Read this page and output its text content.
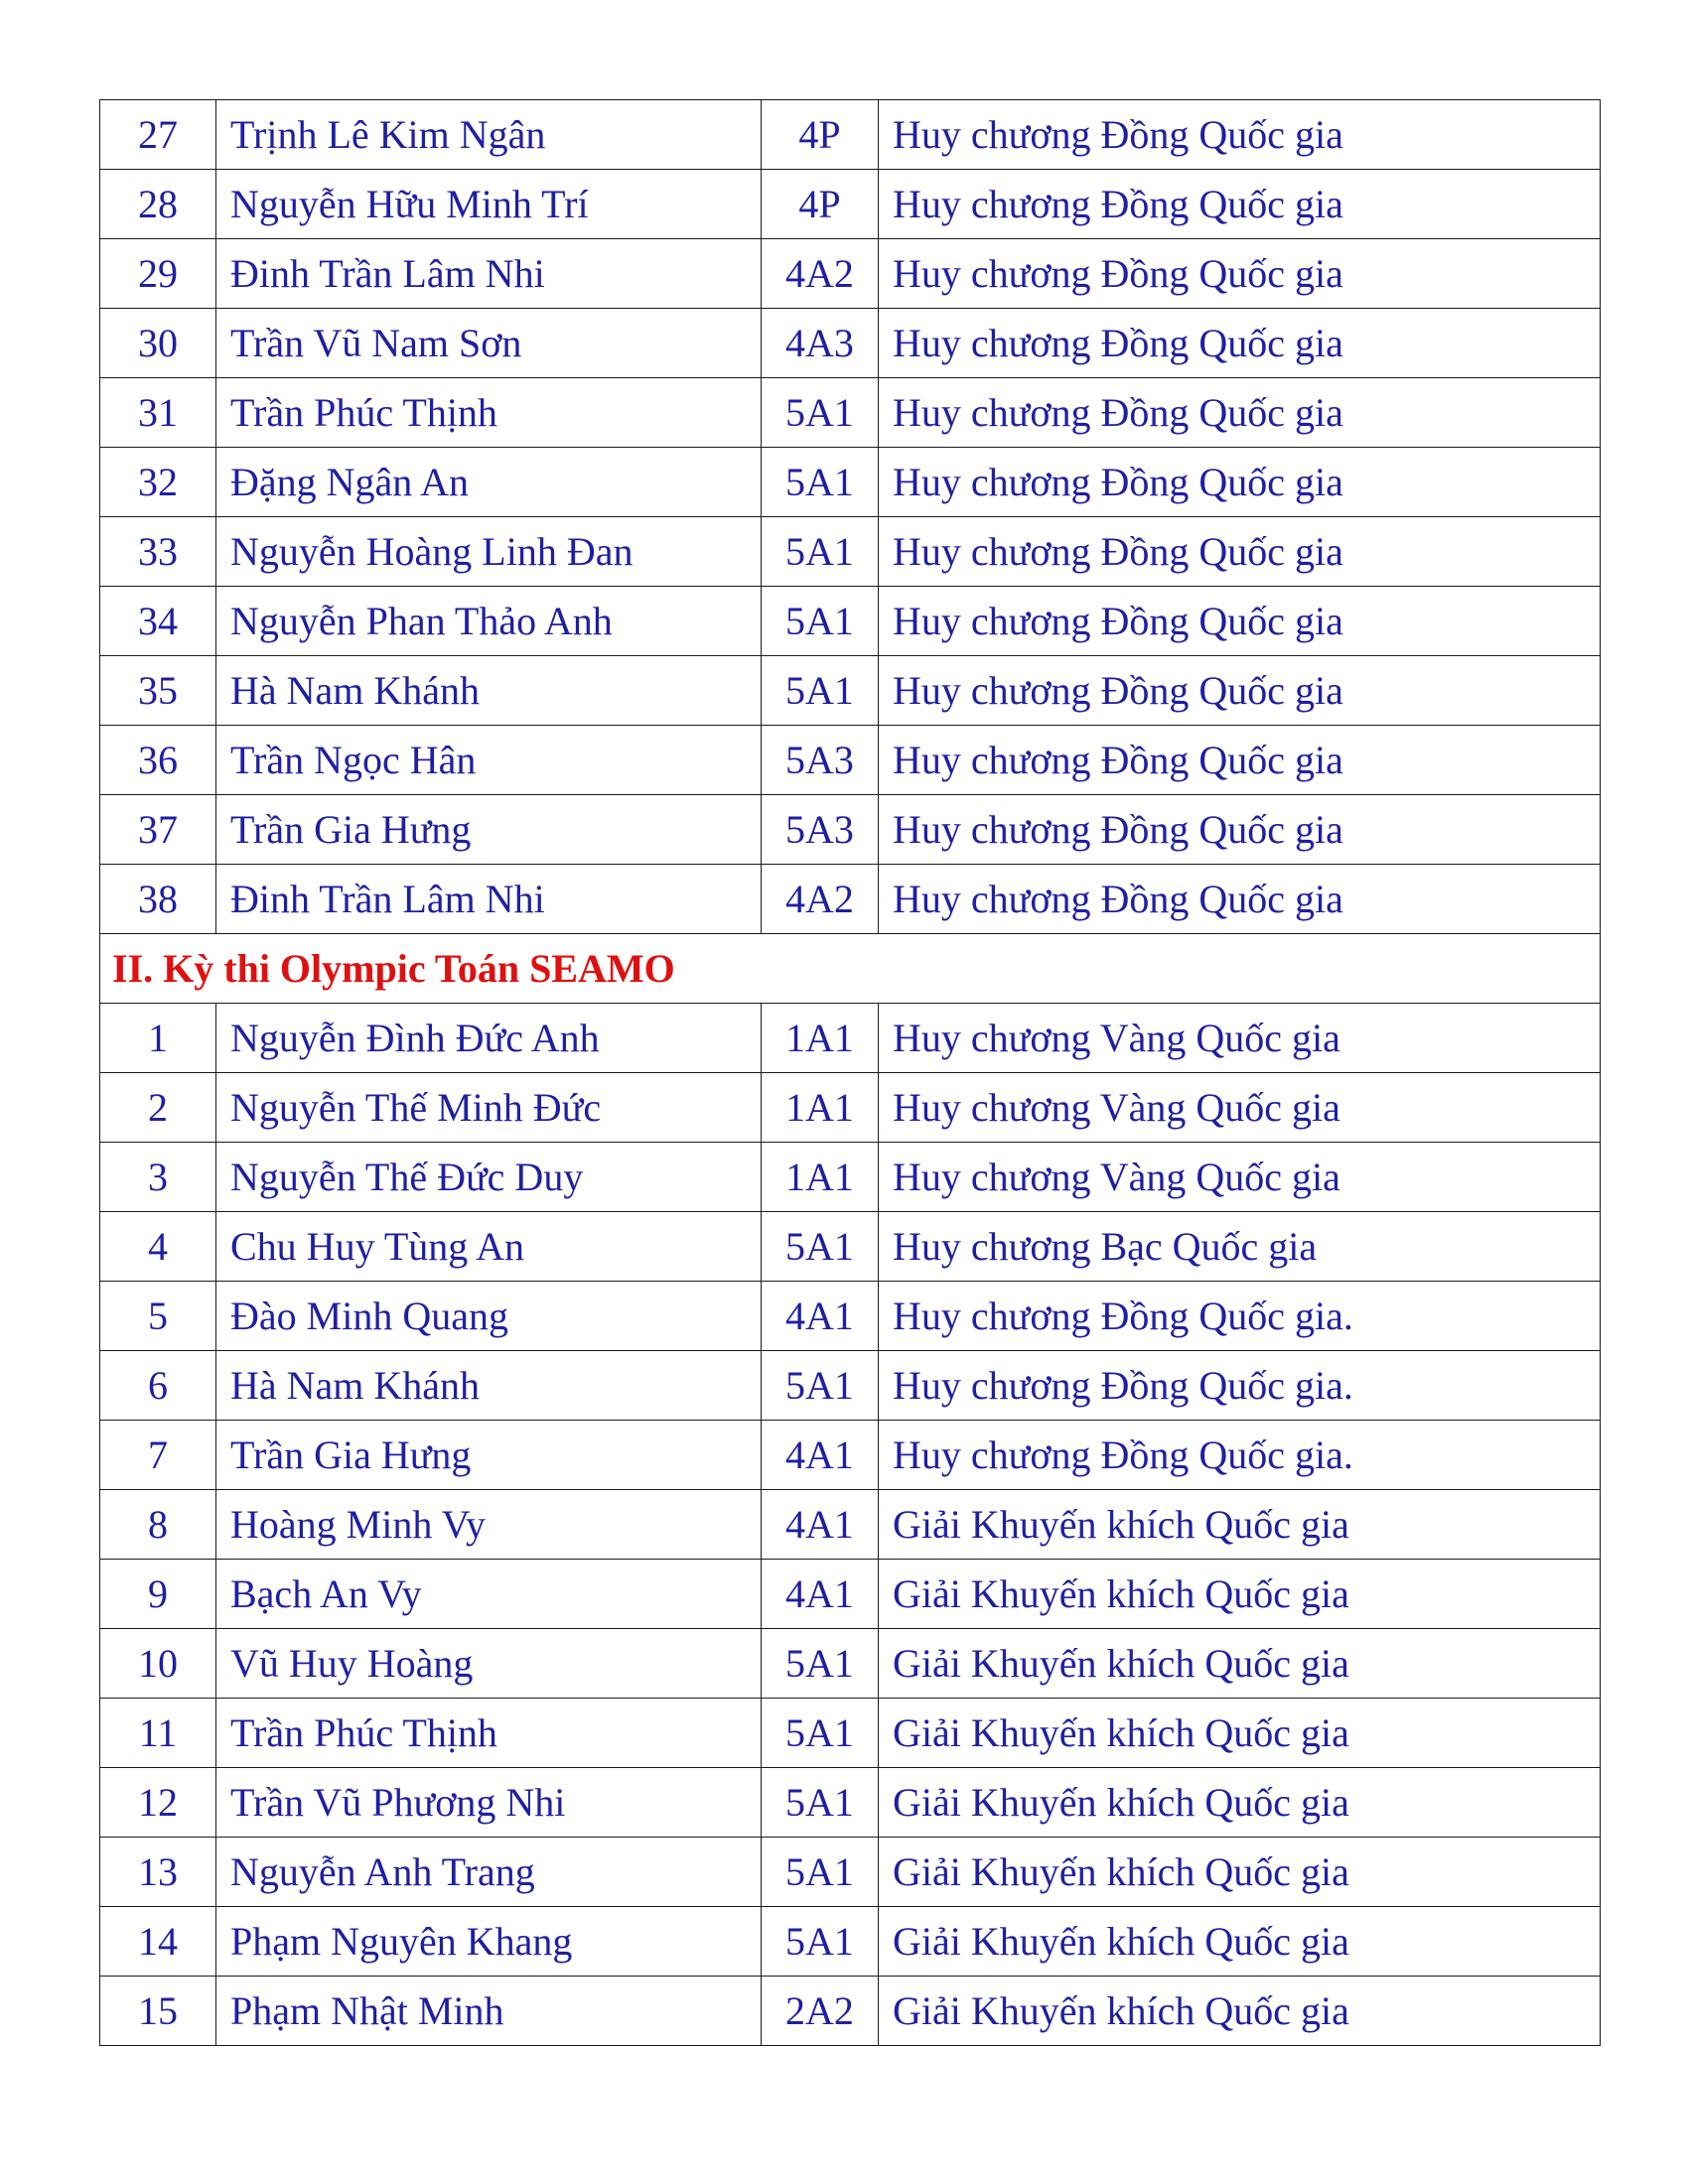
27	Trịnh Lê Kim Ngân	4P	Huy chương Đồng Quốc gia
28	Nguyễn Hữu Minh Trí	4P	Huy chương Đồng Quốc gia
29	Đinh Trần Lâm Nhi	4A2	Huy chương Đồng Quốc gia
30	Trần Vũ Nam Sơn	4A3	Huy chương Đồng Quốc gia
31	Trần Phúc Thịnh	5A1	Huy chương Đồng Quốc gia
32	Đặng Ngân An	5A1	Huy chương Đồng Quốc gia
33	Nguyễn Hoàng Linh Đan	5A1	Huy chương Đồng Quốc gia
34	Nguyễn Phan Thảo Anh	5A1	Huy chương Đồng Quốc gia
35	Hà Nam Khánh	5A1	Huy chương Đồng Quốc gia
36	Trần Ngọc Hân	5A3	Huy chương Đồng Quốc gia
37	Trần Gia Hưng	5A3	Huy chương Đồng Quốc gia
38	Đinh Trần Lâm Nhi	4A2	Huy chương Đồng Quốc gia
II. Kỳ thi Olympic Toán SEAMO			
1	Nguyễn Đình Đức Anh	1A1	Huy chương Vàng Quốc gia
2	Nguyễn Thế Minh Đức	1A1	Huy chương Vàng Quốc gia
3	Nguyễn Thế Đức Duy	1A1	Huy chương Vàng Quốc gia
4	Chu Huy Tùng An	5A1	Huy chương Bạc Quốc gia
5	Đào Minh Quang	4A1	Huy chương Đồng Quốc gia.
6	Hà Nam Khánh	5A1	Huy chương Đồng Quốc gia.
7	Trần Gia Hưng	4A1	Huy chương Đồng Quốc gia.
8	Hoàng Minh Vy	4A1	Giải Khuyến khích Quốc gia
9	Bạch An Vy	4A1	Giải Khuyến khích Quốc gia
10	Vũ Huy Hoàng	5A1	Giải Khuyến khích Quốc gia
11	Trần Phúc Thịnh	5A1	Giải Khuyến khích Quốc gia
12	Trần Vũ Phương Nhi	5A1	Giải Khuyến khích Quốc gia
13	Nguyễn Anh Trang	5A1	Giải Khuyến khích Quốc gia
14	Phạm Nguyên Khang	5A1	Giải Khuyến khích Quốc gia
15	Phạm Nhật Minh	2A2	Giải Khuyến khích Quốc gia
